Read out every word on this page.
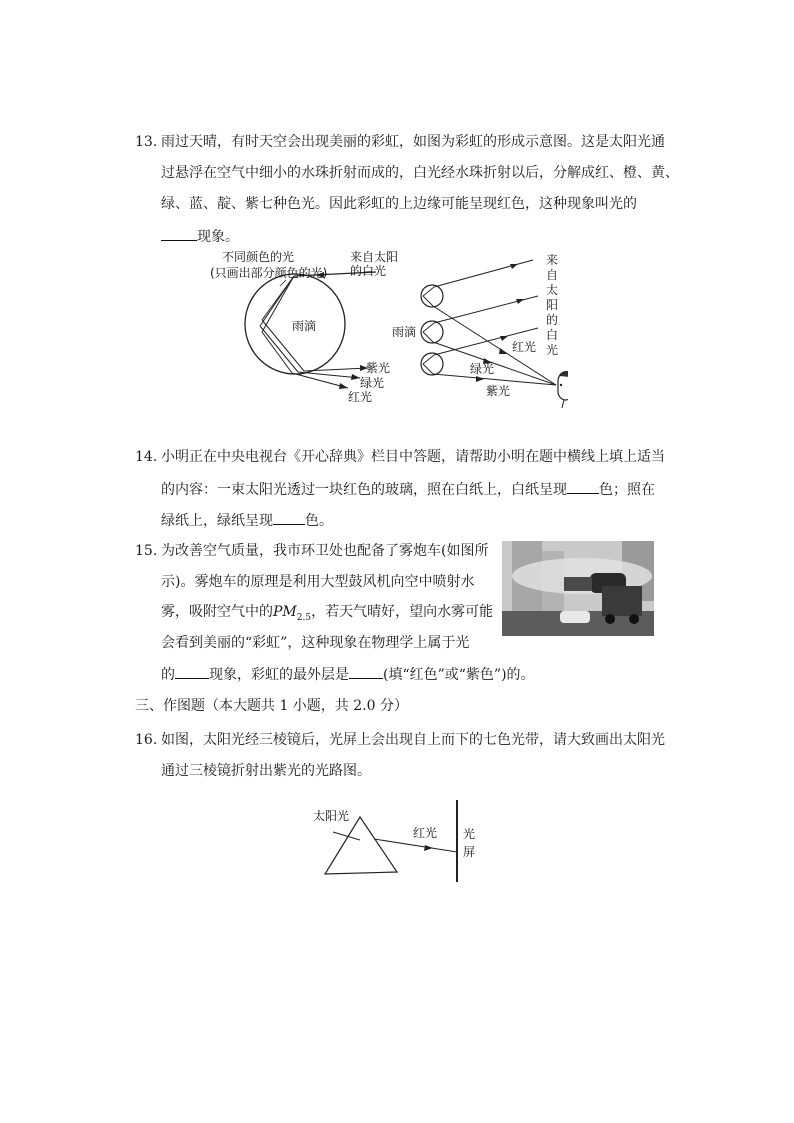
13. 雨过天晴，有时天空会出现美丽的彩虹，如图为彩虹的形成示意图。这是太阳光通
过悬浮在空气中细小的水珠折射而成的，白光经水珠折射以后，分解成红、橙、黄、
绿、蓝、靛、紫七种色光。因此彩虹的上边缘可能呈现红色，这种现象叫光的
现象。
不同颜色的光
(只画出部分颜色的光)
来自太阳
的白光
雨滴
紫光
绿光
红光
雨滴
红光
绿光
紫光
来
自
太
阳
的
白
光
14. 小明正在中央电视台《开心辞典》栏目中答题，请帮助小明在题中横线上填上适当
的内容：一束太阳光透过一块红色的玻璃，照在白纸上，白纸呈现 色；照在
绿纸上，绿纸呈现 色。
15. 为改善空气质量，我市环卫处也配备了雾炮车(如图所
示)。雾炮车的原理是利用大型鼓风机向空中喷射水
雾，吸附空气中的$PM_{2.5}$，若天气晴好，望向水雾可能
会看到美丽的“彩虹”，这种现象在物理学上属于光
的 现象，彩虹的最外层是 (填“红色”或“紫色”)的。
三、作图题（本大题共 1 小题，共 2.0 分）
16. 如图，太阳光经三棱镜后，光屏上会出现自上而下的七色光带，请大致画出太阳光
通过三棱镜折射出紫光的光路图。
太阳光
红光 光
屏
